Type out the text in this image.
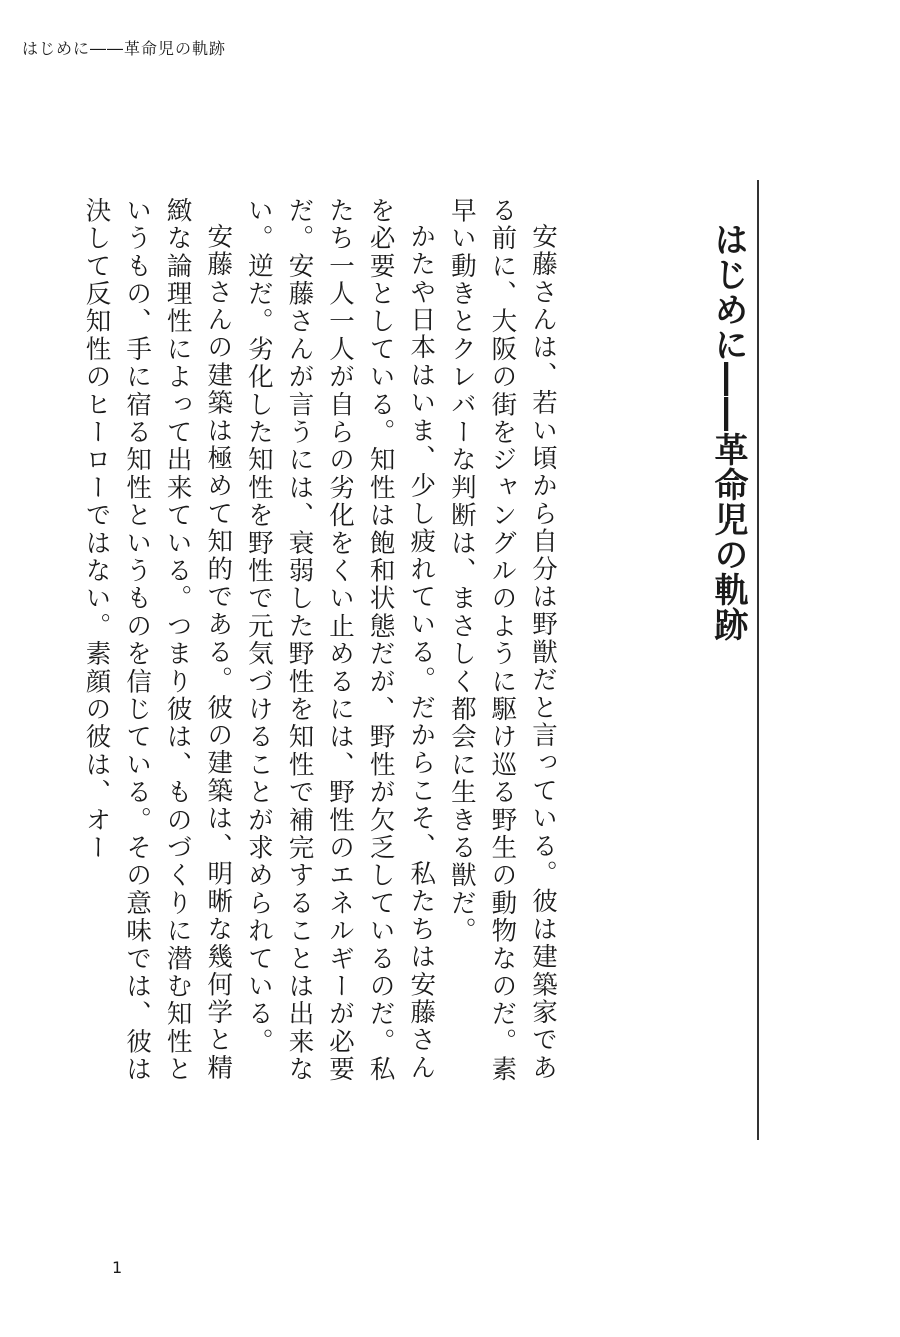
はじめに――革命児の軌跡
はじめに――革命児の軌跡

安藤さんは、若い頃から自分は野獣だと言っている。彼は建築家である前に、大阪の街をジャングルのように駆け巡る野生の動物なのだ。素早い動きとクレバーな判断は、まさしく都会に生きる獣だ。

かたや日本はいま、少し疲れている。だからこそ、私たちは安藤さんを必要としている。知性は飽和状態だが、野性が欠乏しているのだ。私たち一人一人が自らの劣化をくい止めるには、野性のエネルギーが必要だ。安藤さんが言うには、衰弱した野性を知性で補完することは出来ない。逆だ。劣化した知性を野性で元気づけることが求められている。

安藤さんの建築は極めて知的である。彼の建築は、明晰な幾何学と精緻な論理性によって出来ている。つまり彼は、ものづくりに潜む知性というもの、手に宿る知性というものを信じている。その意味では、彼は決して反知性のヒーローではない。素顔の彼は、オー

1
